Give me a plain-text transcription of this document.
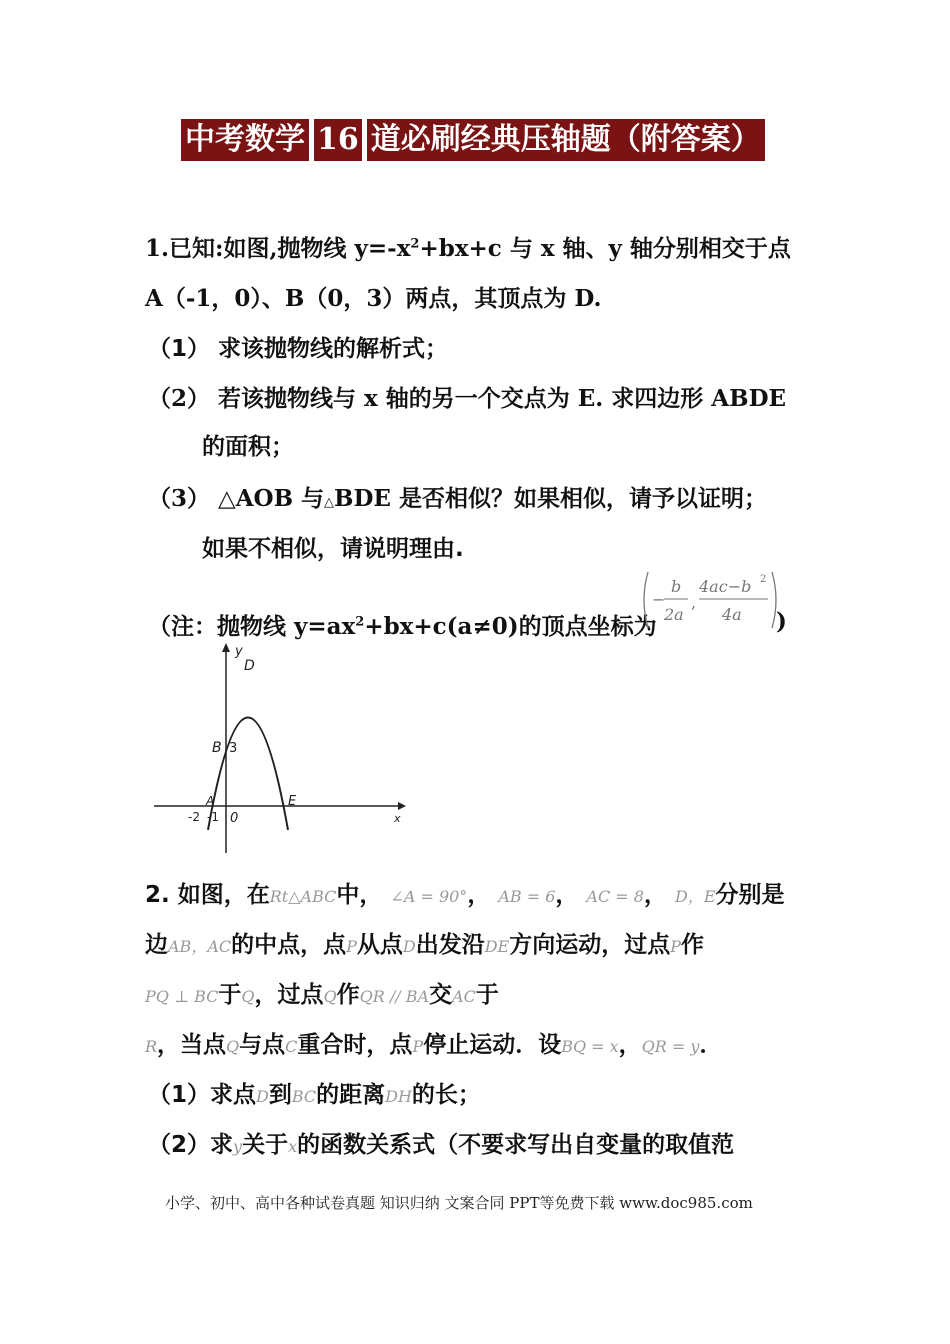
中考数学 16 道必刷经典压轴题（附答案）
1.已知:如图,抛物线 $y=-x^2+bx+c$ 与 x 轴、y 轴分别相交于点
A（-1，0）、B（0，3）两点，其顶点为 D.
（1） 求该抛物线的解析式；
（2） 若该抛物线与 x 轴的另一个交点为 E. 求四边形 ABDE
的面积；
（3） △AOB 与△BDE 是否相似？如果相似，请予以证明；
如果不相似，请说明理由.
（注：抛物线 $y=ax^2+bx+c(a\ne 0)$的顶点坐标为	)
−
b
2a
,
4ac−b 2
4a
y
x
D
B 3
A	E
-2 -1 0
2. 如图，在Rt△ABC中， ∠A = 90°， AB = 6， AC = 8， D，E分别是
边AB，AC的中点，点P从点D出发沿DE方向运动，过点P作
PQ ⊥ BC于Q，过点Q作QR // BA交AC于
R，当点Q与点C重合时，点P停止运动．设BQ = x，QR = y．
（1）求点D到BC的距离DH的长；
（2）求y关于x的函数关系式（不要求写出自变量的取值范
小学、初中、高中各种试卷真题 知识归纳 文案合同 PPT等免费下载 www.doc985.com
